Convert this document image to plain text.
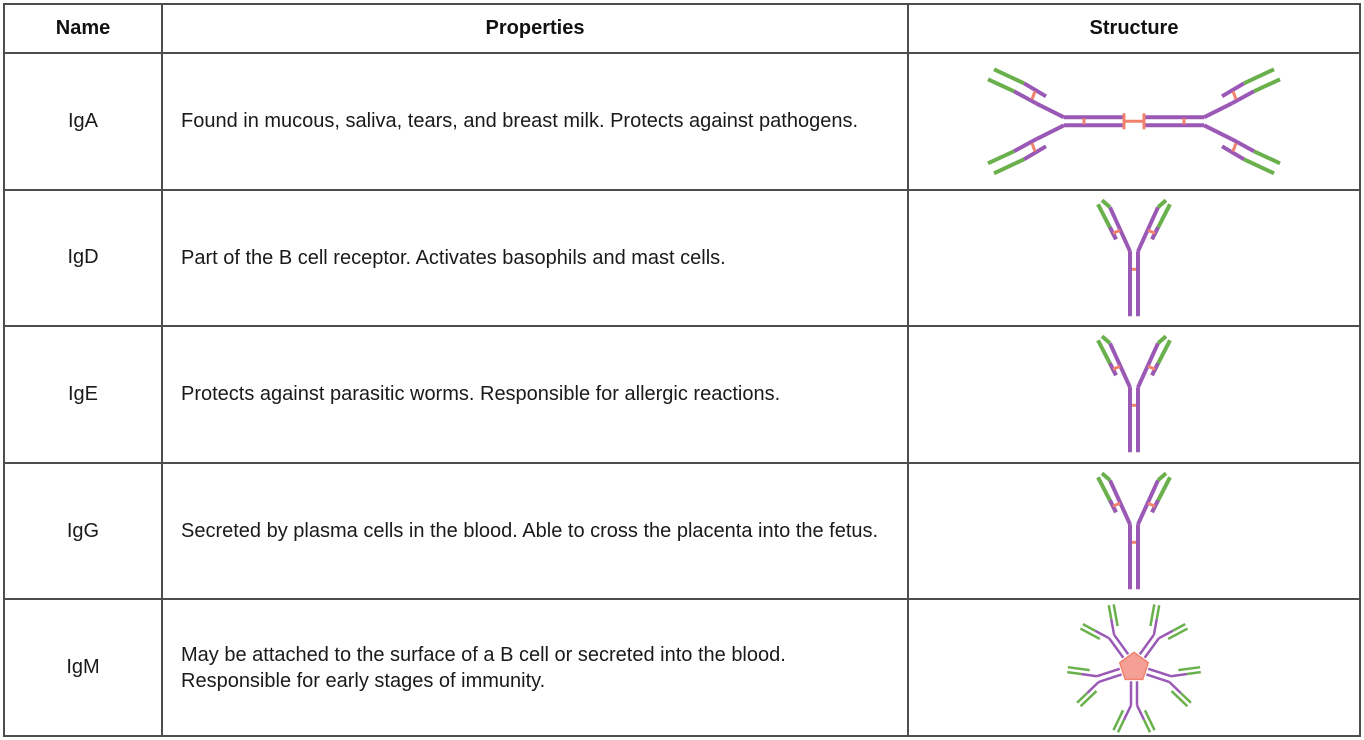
Name	Properties	Structure
IgA	Found in mucous, saliva, tears, and breast milk. Protects against pathogens.	

IgD	Part of the B cell receptor. Activates basophils and mast cells.	

IgE	Protects against parasitic worms. Responsible for allergic reactions.	

IgG	Secreted by plasma cells in the blood. Able to cross the placenta into the fetus.	

IgM	May be attached to the surface of a B cell or secreted into the blood. Responsible for early stages of immunity.	
